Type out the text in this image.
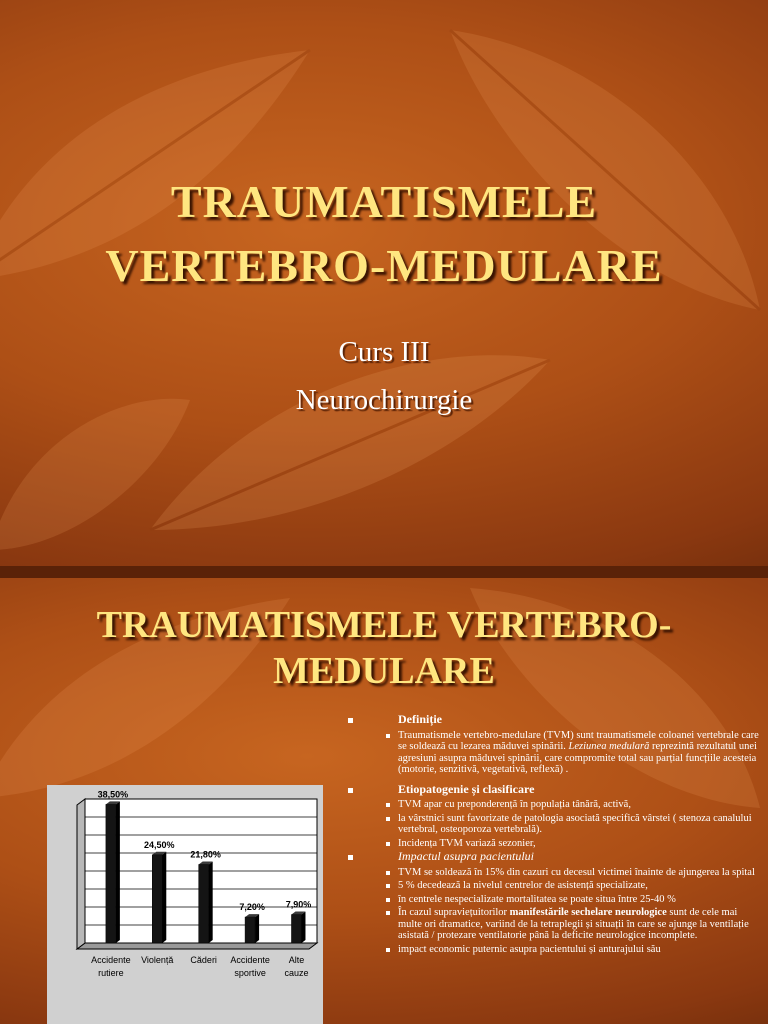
TRAUMATISMELE
VERTEBRO-MEDULARE
Curs III
Neurochirurgie
TRAUMATISMELE VERTEBRO-
MEDULARE
38,50%
Accidente
rutiere
24,50%
Violență
21,80%
Căderi
7,20%
Accidente
sportive
7,90%
Alte
cauze
Definiție
Traumatismele vertebro-medulare (TVM) sunt traumatismele coloanei vertebrale care se soldează cu lezarea măduvei spinării. Leziunea medulară reprezintă rezultatul unei agresiuni asupra măduvei spinării, care compromite total sau parțial funcțiile acesteia (motorie, senzitivă, vegetativă, reflexă) .
Etiopatogenie și clasificare
TVM apar cu preponderență în populația tânără, activă,
la vârstnici sunt favorizate de patologia asociată specifică vârstei ( stenoza canalului vertebral, osteoporoza vertebrală).
Incidența TVM variază sezonier,
Impactul asupra pacientului
TVM se soldează în 15% din cazuri cu decesul victimei înainte de ajungerea la spital
5 % decedează la nivelul centrelor de asistență specializate,
în centrele nespecializate mortalitatea se poate situa între 25-40 %
În cazul supraviețuitorilor manifestările sechelare neurologice sunt de cele mai multe ori dramatice, variind de la tetraplegii și situații în care se ajunge la ventilație asistată / protezare ventilatorie până la deficite neurologice incomplete.
impact economic puternic asupra pacientului și anturajului său
